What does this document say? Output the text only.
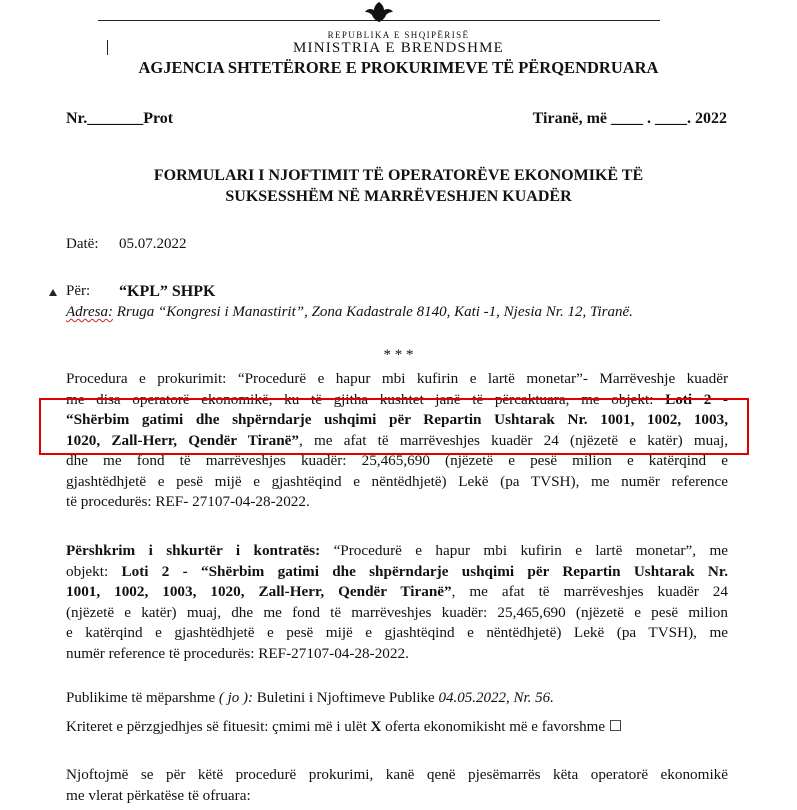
REPUBLIKA E SHQIPËRISË
MINISTRIA E BRENDSHME
AGJENCIA SHTETËRORE E PROKURIMEVE TË PËRQENDRUARA
Nr._______Prot	Tiranë, më ____ . ____. 2022
FORMULARI I NJOFTIMIT TË OPERATORËVE EKONOMIKË TË
SUKSESSHËM NË MARRËVESHJEN KUADËR
Datë: 05.07.2022
Për: “KPL” SHPK
Adresa: Rruga “Kongresi i Manastirit”, Zona Kadastrale 8140, Kati -1, Njesia Nr. 12, Tiranë.
* * *
Procedura e prokurimit: “Procedurë e hapur mbi kufirin e lartë monetar”- Marrëveshje kuadër
me disa operatorë ekonomikë, ku të gjitha kushtet janë të përcaktuara, me objekt: Loti 2 -
“Shërbim gatimi dhe shpërndarje ushqimi për Repartin Ushtarak Nr. 1001, 1002, 1003,
1020, Zall-Herr, Qendër Tiranë”, me afat të marrëveshjes kuadër 24 (njëzetë e katër) muaj,
dhe me fond të marrëveshjes kuadër: 25,465,690 (njëzetë e pesë milion e katërqind e
gjashtëdhjetë e pesë mijë e gjashtëqind e nëntëdhjetë) Lekë (pa TVSH), me numër reference
të procedurës: REF- 27107-04-28-2022.
Përshkrim i shkurtër i kontratës: “Procedurë e hapur mbi kufirin e lartë monetar”, me
objekt: Loti 2 - “Shërbim gatimi dhe shpërndarje ushqimi për Repartin Ushtarak Nr.
1001, 1002, 1003, 1020, Zall-Herr, Qendër Tiranë”, me afat të marrëveshjes kuadër 24
(njëzetë e katër) muaj, dhe me fond të marrëveshjes kuadër: 25,465,690 (njëzetë e pesë milion
e katërqind e gjashtëdhjetë e pesë mijë e gjashtëqind e nëntëdhjetë) Lekë (pa TVSH), me
numër reference të procedurës: REF-27107-04-28-2022.
Publikime të mëparshme ( jo ): Buletini i Njoftimeve Publike 04.05.2022, Nr. 56.
Kriteret e përzgjedhjes së fituesit: çmimi më i ulët X oferta ekonomikisht më e favorshme ☐
Njoftojmë se për këtë procedurë prokurimi, kanë qenë pjesëmarrës këta operatorë ekonomikë
me vlerat përkatëse të ofruara:
